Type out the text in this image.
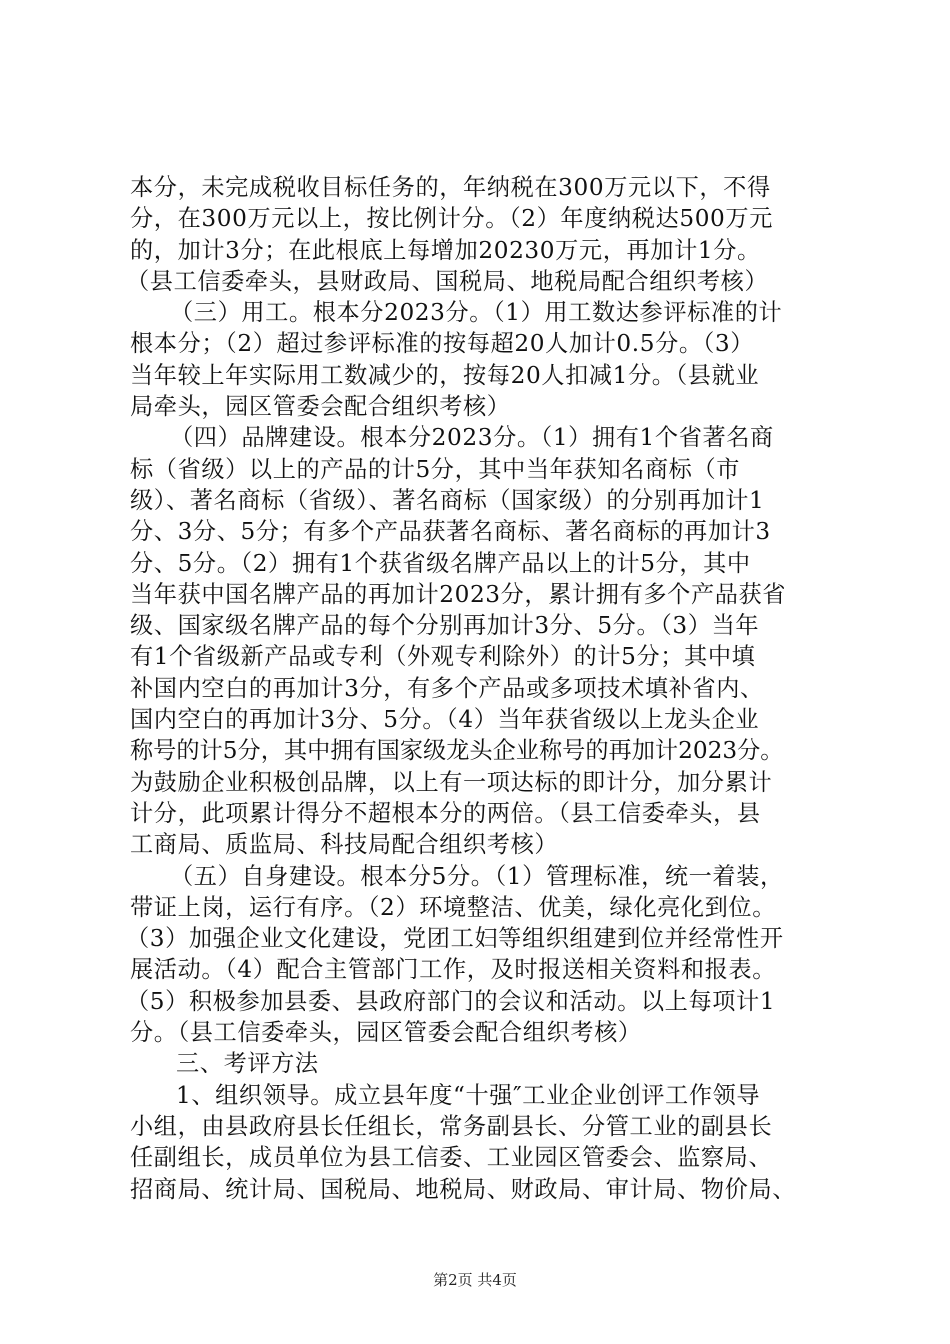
本分，未完成税收目标任务的，年纳税在300万元以下，不得
分，在300万元以上，按比例计分。（2）年度纳税达500万元
的，加计3分；在此根底上每增加20230万元，再加计1分。
（县工信委牵头，县财政局、国税局、地税局配合组织考核）
（三）用工。根本分2023分。（1）用工数达参评标准的计
根本分；（2）超过参评标准的按每超20人加计0.5分。（3）
当年较上年实际用工数减少的，按每20人扣减1分。（县就业
局牵头，园区管委会配合组织考核）
（四）品牌建设。根本分2023分。（1）拥有1个省著名商
标（省级）以上的产品的计5分，其中当年获知名商标（市
级）、著名商标（省级）、著名商标（国家级）的分别再加计1
分、3分、5分；有多个产品获著名商标、著名商标的再加计3
分、5分。（2）拥有1个获省级名牌产品以上的计5分，其中
当年获中国名牌产品的再加计2023分，累计拥有多个产品获省
级、国家级名牌产品的每个分别再加计3分、5分。（3）当年
有1个省级新产品或专利（外观专利除外）的计5分；其中填
补国内空白的再加计3分，有多个产品或多项技术填补省内、
国内空白的再加计3分、5分。（4）当年获省级以上龙头企业
称号的计5分，其中拥有国家级龙头企业称号的再加计2023分。
为鼓励企业积极创品牌，以上有一项达标的即计分，加分累计
计分，此项累计得分不超根本分的两倍。（县工信委牵头，县
工商局、质监局、科技局配合组织考核）
（五）自身建设。根本分5分。（1）管理标准，统一着装，
带证上岗，运行有序。（2）环境整洁、优美，绿化亮化到位。
（3）加强企业文化建设，党团工妇等组织组建到位并经常性开
展活动。（4）配合主管部门工作，及时报送相关资料和报表。
（5）积极参加县委、县政府部门的会议和活动。以上每项计1
分。（县工信委牵头，园区管委会配合组织考核）
三、考评方法
1、组织领导。成立县年度“十强″工业企业创评工作领导
小组，由县政府县长任组长，常务副县长、分管工业的副县长
任副组长，成员单位为县工信委、工业园区管委会、监察局、
招商局、统计局、国税局、地税局、财政局、审计局、物价局、
第2页 共4页
